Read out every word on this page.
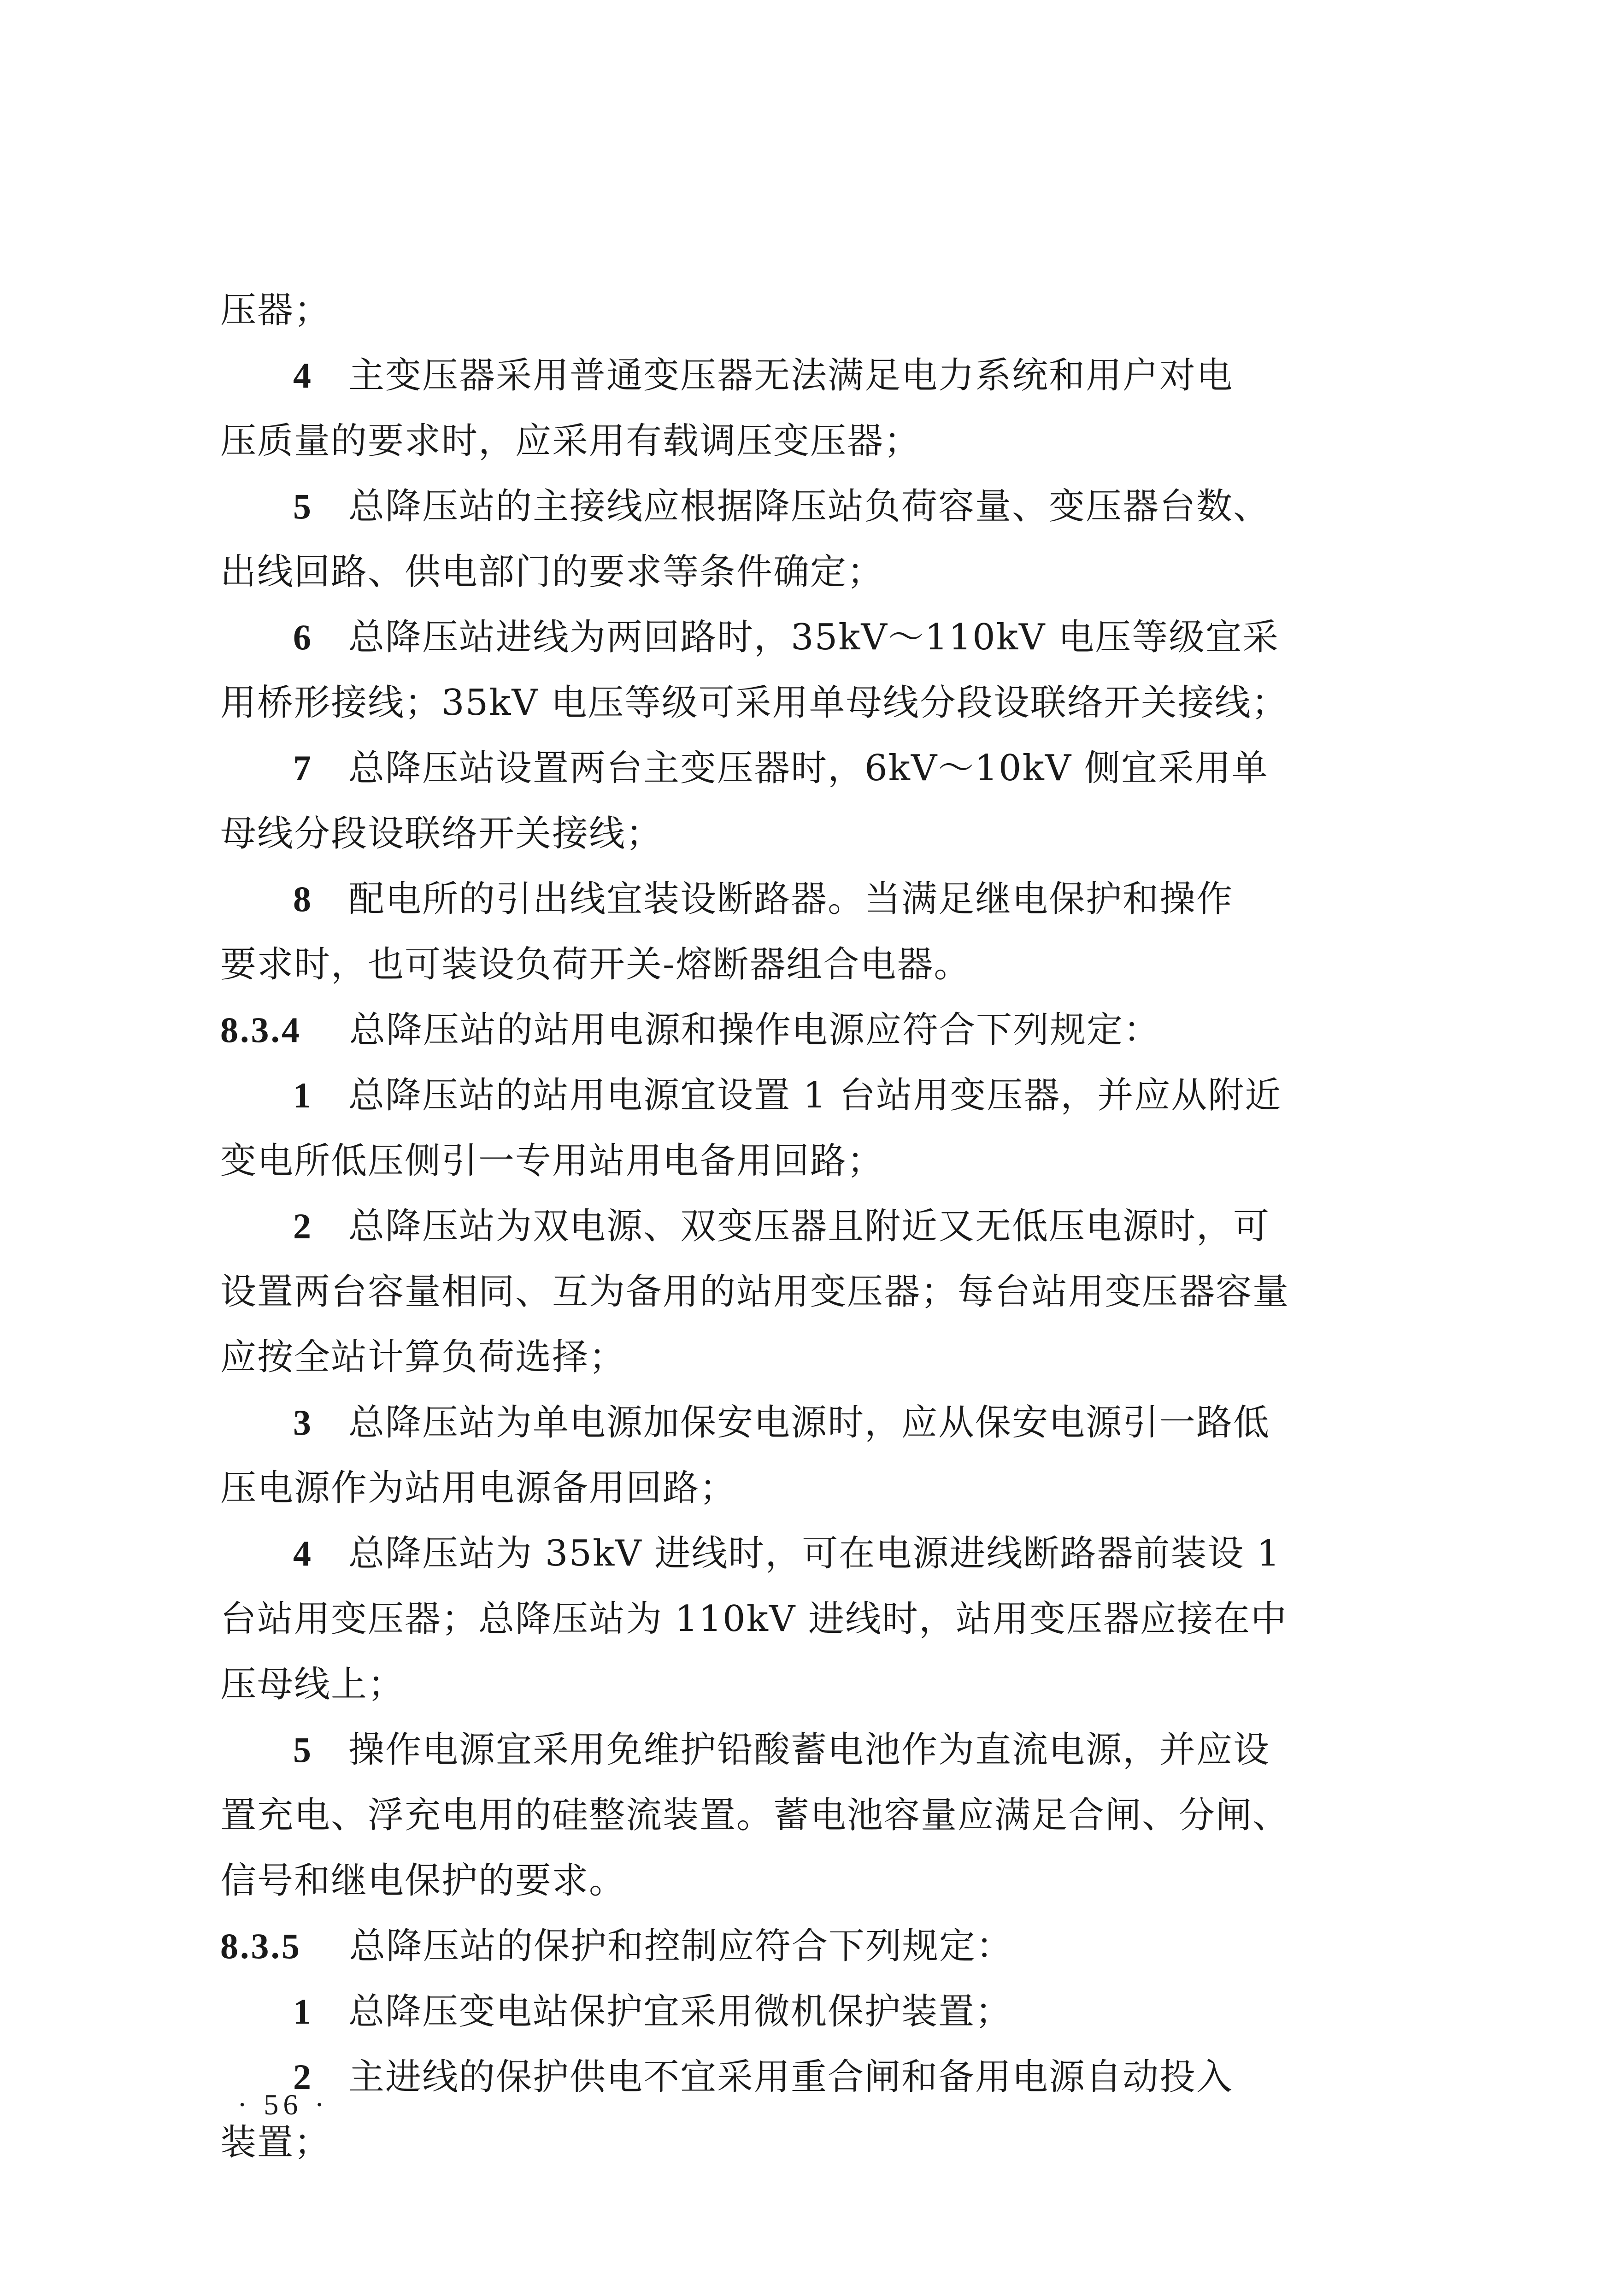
压器；
4 主变压器采用普通变压器无法满足电力系统和用户对电
压质量的要求时，应采用有载调压变压器；
5 总降压站的主接线应根据降压站负荷容量、变压器台数、
出线回路、供电部门的要求等条件确定；
6 总降压站进线为两回路时，35kV～110kV 电压等级宜采
用桥形接线；35kV 电压等级可采用单母线分段设联络开关接线；
7 总降压站设置两台主变压器时，6kV～10kV 侧宜采用单
母线分段设联络开关接线；
8 配电所的引出线宜装设断路器。当满足继电保护和操作
要求时，也可装设负荷开关-熔断器组合电器。
8.3.4 总降压站的站用电源和操作电源应符合下列规定：
1 总降压站的站用电源宜设置 1 台站用变压器，并应从附近
变电所低压侧引一专用站用电备用回路；
2 总降压站为双电源、双变压器且附近又无低压电源时，可
设置两台容量相同、互为备用的站用变压器；每台站用变压器容量
应按全站计算负荷选择；
3 总降压站为单电源加保安电源时，应从保安电源引一路低
压电源作为站用电源备用回路；
4 总降压站为 35kV 进线时，可在电源进线断路器前装设 1
台站用变压器；总降压站为 110kV 进线时，站用变压器应接在中
压母线上；
5 操作电源宜采用免维护铅酸蓄电池作为直流电源，并应设
置充电、浮充电用的硅整流装置。蓄电池容量应满足合闸、分闸、
信号和继电保护的要求。
8.3.5 总降压站的保护和控制应符合下列规定：
1 总降压变电站保护宜采用微机保护装置；
2 主进线的保护供电不宜采用重合闸和备用电源自动投入
装置；
· 56 ·
